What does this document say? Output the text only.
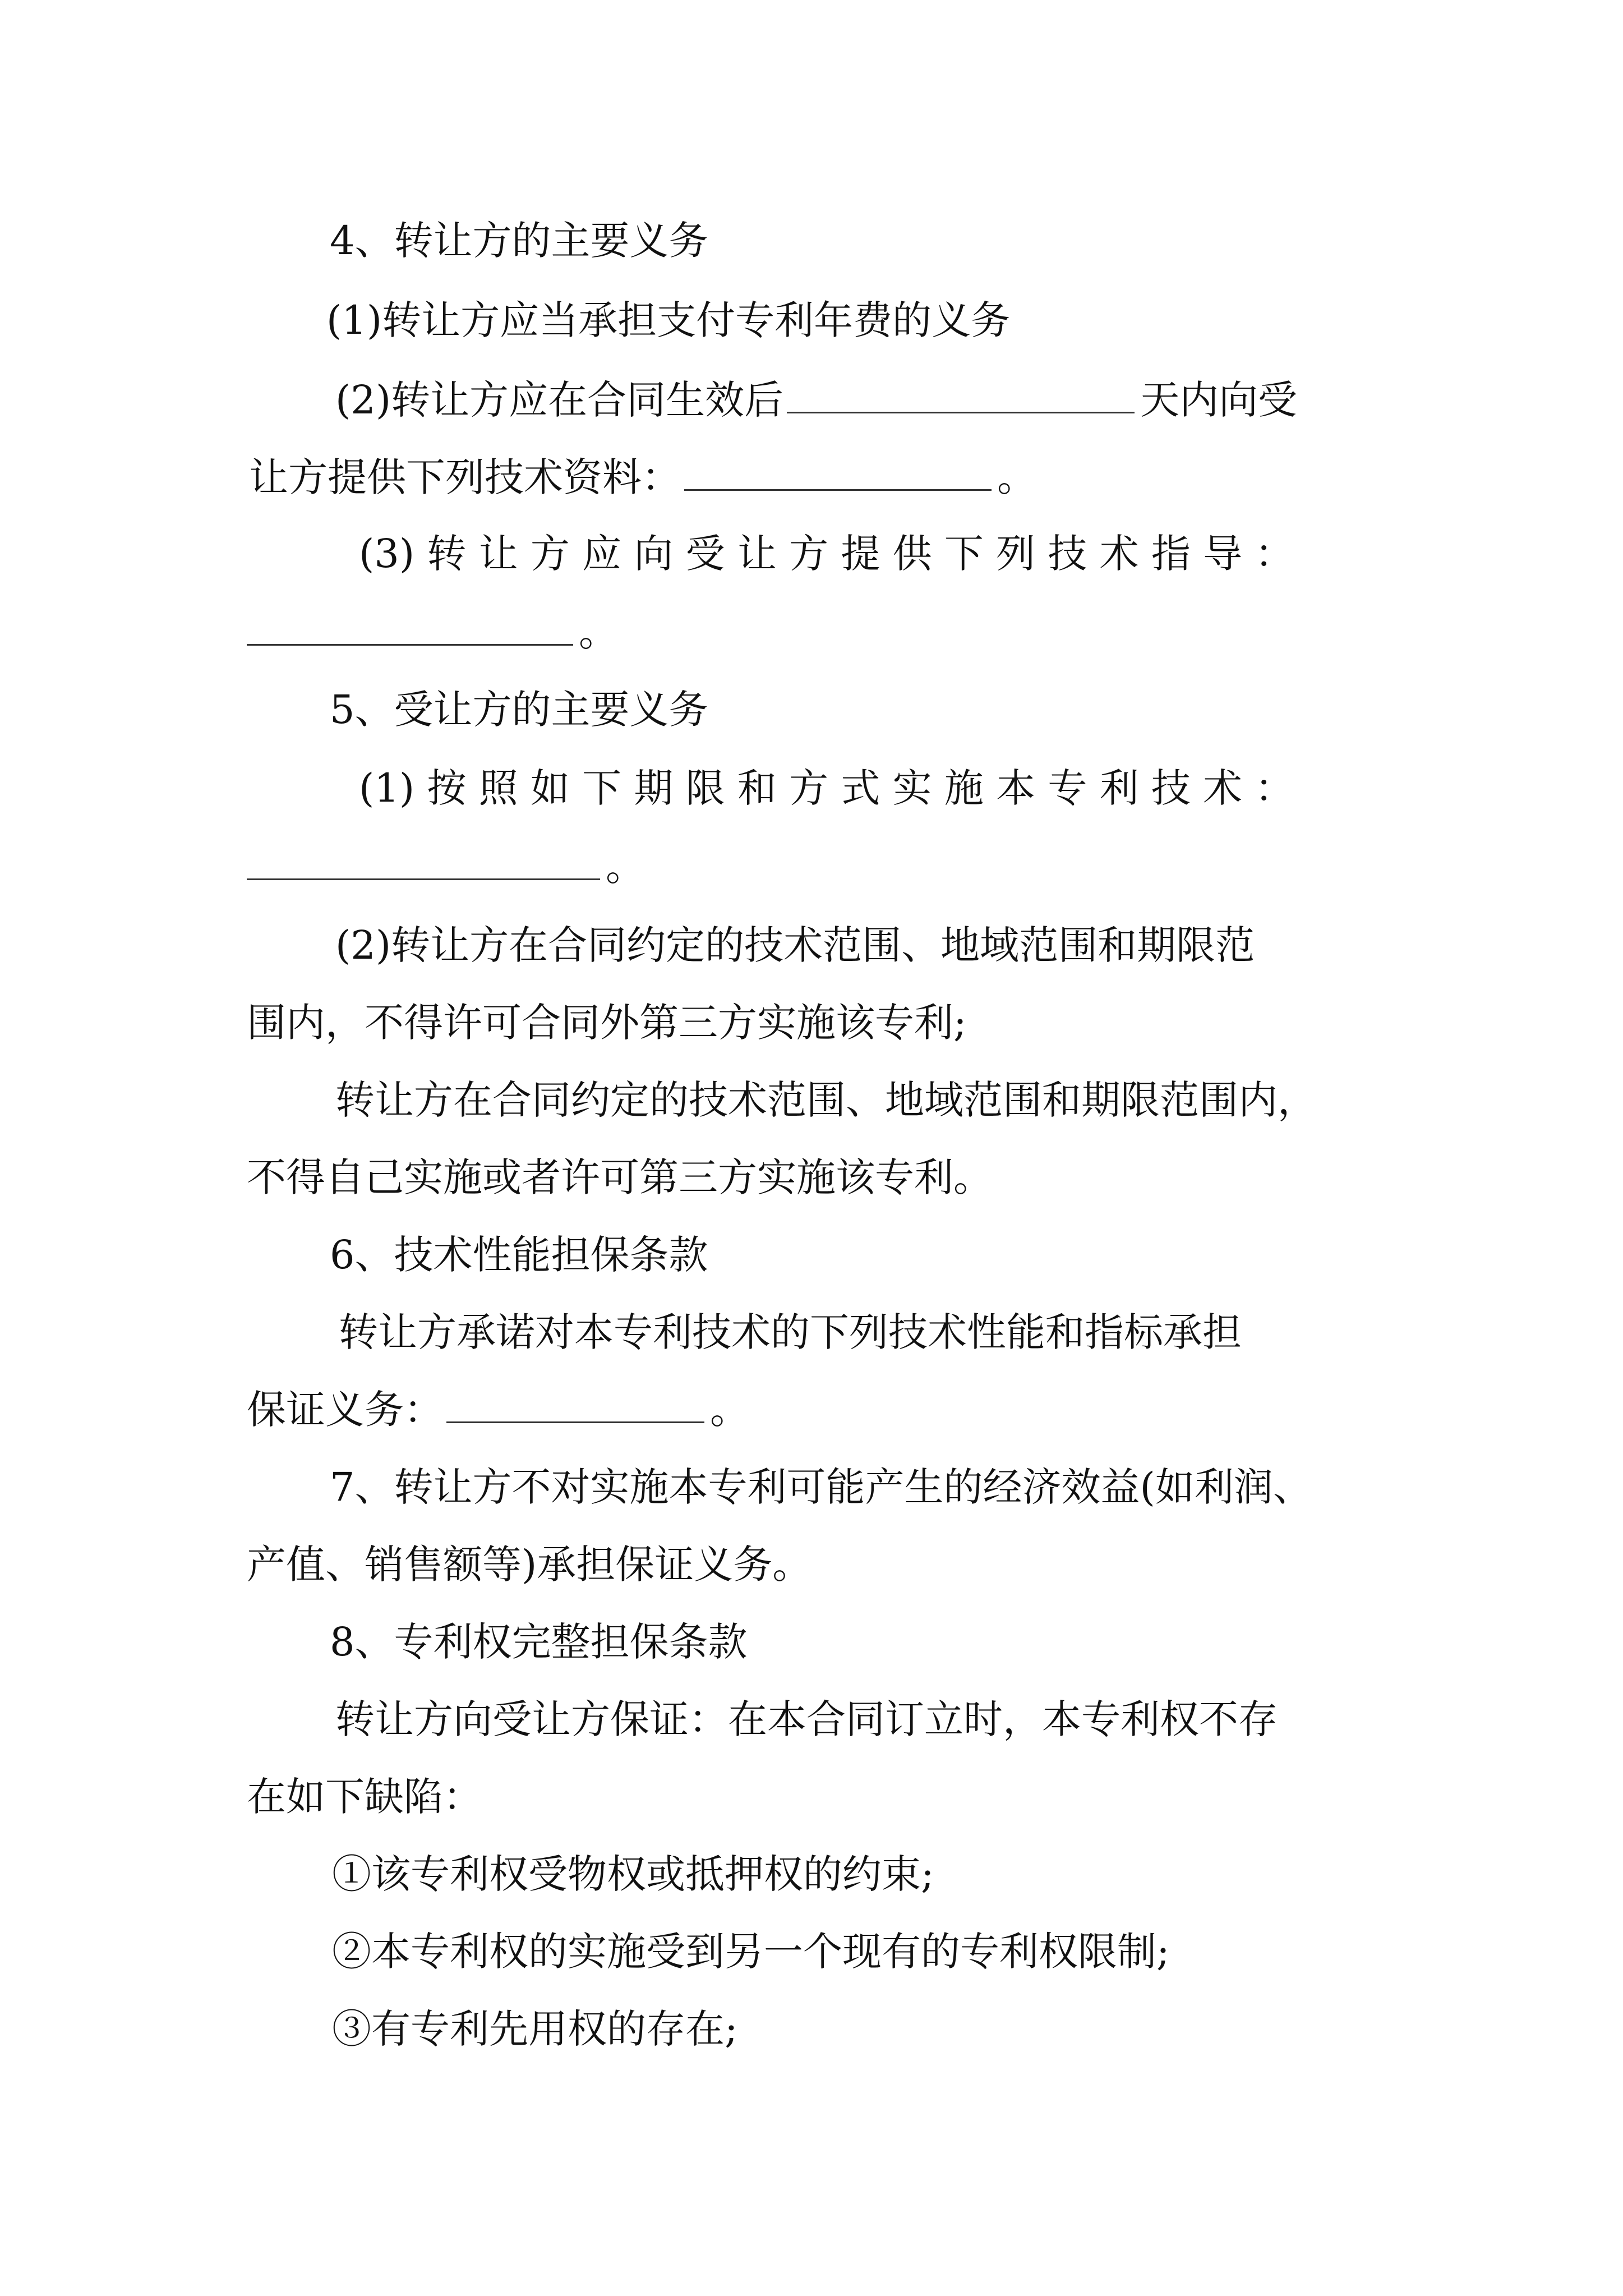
4、转让方的主要义务
(1)转让方应当承担支付专利年费的义务
(2)转让方应在合同生效后	天内向受
让方提供下列技术资料：	。
(3) 转 让 方 应 向 受 让 方 提 供 下 列 技 术 指 导 ：
。
5、受让方的主要义务
(1) 按 照 如 下 期 限 和 方 式 实 施 本 专 利 技 术 ：
。
(2)转让方在合同约定的技术范围、地域范围和期限范
围内，不得许可合同外第三方实施该专利;
转让方在合同约定的技术范围、地域范围和期限范围内，
不得自己实施或者许可第三方实施该专利。
6、技术性能担保条款
转让方承诺对本专利技术的下列技术性能和指标承担
保证义务：	。
7、转让方不对实施本专利可能产生的经济效益(如利润、
产值、销售额等)承担保证义务。
8、专利权完整担保条款
转让方向受让方保证：在本合同订立时，本专利权不存
在如下缺陷：
①该专利权受物权或抵押权的约束;
②本专利权的实施受到另一个现有的专利权限制;
③有专利先用权的存在;
